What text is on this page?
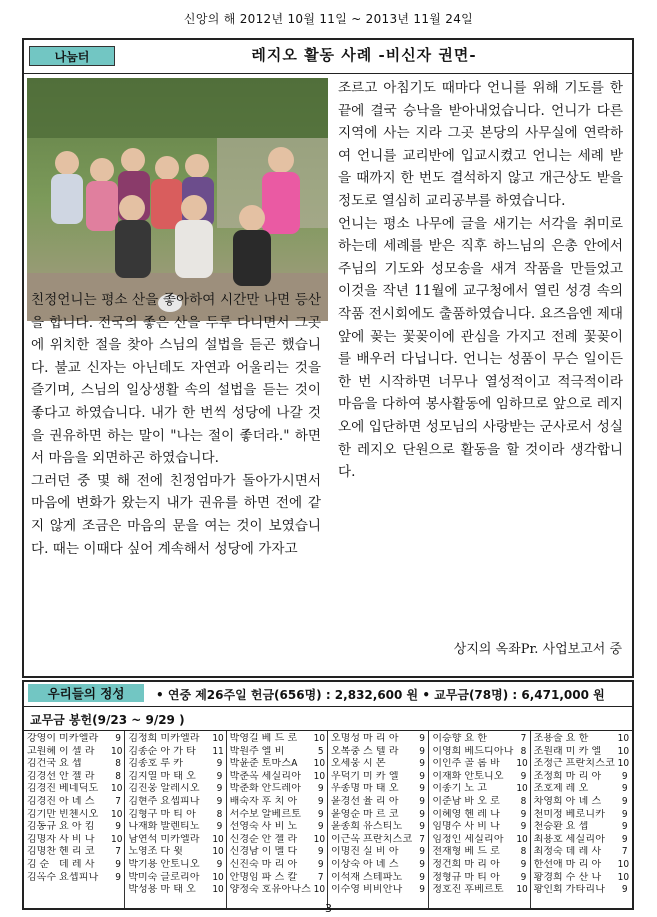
신앙의 해 2012년 10월 11일 ~ 2013년 11월 24일
나눔터	레지오 활동 사례 -비신자 권면-

친정언니는 평소 산을 좋아하여 시간만 나면 등산을 합니다. 전국의 좋은 산을 두루 다니면서 그곳에 위치한 절을 찾아 스님의 설법을 듣곤 했습니다. 불교 신자는 아닌데도 자연과 어울리는 것을 즐기며, 스님의 일상생활 속의 설법을 듣는 것이 좋다고 하였습니다. 내가 한 번씩 성당에 나갈 것을 권유하면 하는 말이 "나는 절이 좋더라." 하면서 마음을 외면하곤 하였습니다.

그러던 중 몇 해 전에 친정엄마가 돌아가시면서 마음에 변화가 왔는지 내가 권유를 하면 전에 같지 않게 조금은 마음의 문을 여는 것이 보였습니다. 때는 이때다 싶어 계속해서 성당에 가자고

조르고 아침기도 때마다 언니를 위해 기도를 한 끝에 결국 승낙을 받아내었습니다. 언니가 다른 지역에 사는 지라 그곳 본당의 사무실에 연락하여 언니를 교리반에 입교시켰고 언니는 세례 받을 때까지 한 번도 결석하지 않고 개근상도 받을 정도로 열심히 교리공부를 하였습니다.

언니는 평소 나무에 글을 새기는 서각을 취미로 하는데 세례를 받은 직후 하느님의 은총 안에서 주님의 기도와 성모송을 새겨 작품을 만들었고 이것을 작년 11월에 교구청에서 열린 성경 속의 작품 전시회에도 출품하였습니다. 요즈음엔 제대 앞에 꽂는 꽃꽂이에 관심을 가지고 전례 꽃꽂이를 배우러 다닙니다. 언니는 성품이 무슨 일이든 한 번 시작하면 너무나 열성적이고 적극적이라 마음을 다하여 봉사활동에 임하므로 앞으로 레지오에 입단하면 성모님의 사랑받는 군사로서 성실한 레지오 단원으로 활동을 할 것이라 생각합니다.

상지의 옥좌Pr. 사업보고서 중
우리들의 정성	• 연중 제26주일 헌금(656명) : 2,832,600 원 • 교무금(78명) : 6,471,000 원
교무금 봉헌(9/23 ~ 9/29 )
강영이 미카엘라	9
고원혜 이 셀 라	10
김건국 요 셉	8
김경선 안 젤 라	8
김경진 베네딕도	10
김경진 아 녜 스	7
김기만 빈첸시오	10
김동규 요 아 킴	9
김명자 사 비 나	10
김명찬 헨 리 코	7
김 순 데 레 사	9
김옥수 요셉피나	9
김정희 미카엘라	10
김종순 아 가 타	11
김종호 루 카	9
김지열 마 태 오	9
김진웅 알레시오	9
김현주 요셉피나	9
김형구 마 티 아	8
나재화 발렌티노	9
남연석 미카엘라	10
노영조 다 윗	10
박기용 안토니오	9
박미숙 글로리아	10
박성용 마 태 오	10
박영길 베 드 로	10
박원주 엘 비	5
박윤준 토마스A	10
박춘옥 세실리아	10
박춘화 안드레아	9
배숙자 후 치 아	9
서수보 알베르토	9
선영숙 사 비 노	9
신경순 안 젤 라	10
신경남 이 멜 다	9
신진숙 마 리 아	9
안명임 파 스 칼	7
양정숙 호유아나스 10
오명성 마 리 아	9
오복충 스 텔 라	9
오세웅 시 몬	9
우덕기 미 카 엘	9
우종명 마 태 오	9
윤경선 율 리 아	9
윤영순 마 르 코	9
윤종희 유스티노	9
이근옥 프란치스코 7
이명진 실 비 아	9
이상숙 아 녜 스	9
이석재 스테파노	9
이수영 비비안나	9
이승향 요 한	7
이영희 베드디아나 8
이인주 골 롬 바	10
이재화 안토니오	9
이종기 노 고	10
이준남 바 오 로	8
이혜영 헨 레 나	9
임명수 사 비 나	9
임정인 세실리아	10
전재형 베 드 로	8
정건희 마 리 아	9
정형규 마 티 아	9
정호진 후베르토	10
조용술 요 한	10
조원래 미 카 엘	10
조정근 프란치스코 10
조정희 마 리 아	9
조호제 레 오	9
차영희 아 녜 스	9
천미정 베로니카	9
천승환 요 셉	9
최용호 세실리아	9
최정숙 데 레 사	7
한선애 마 리 아	10
황경희 수 산 나	10
황인회 가타리나	9
3
